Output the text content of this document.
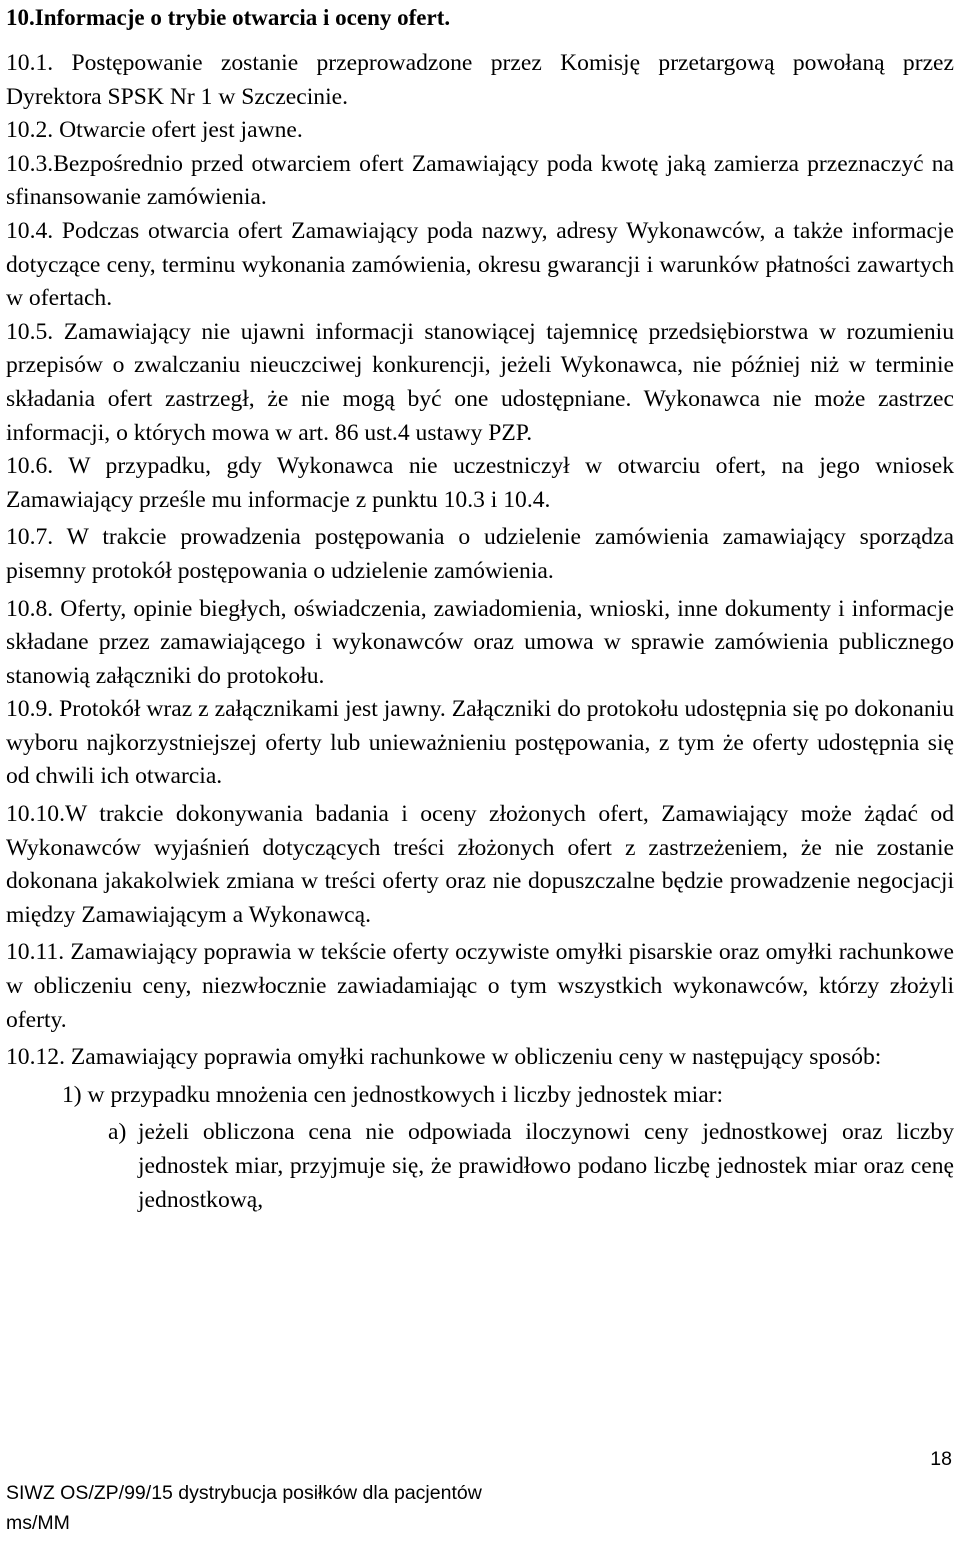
10.Informacje o trybie otwarcia i oceny ofert.

10.1. Postępowanie zostanie przeprowadzone przez Komisję przetargową powołaną przez Dyrektora SPSK Nr 1 w Szczecinie.

10.2. Otwarcie ofert jest jawne.

10.3.Bezpośrednio przed otwarciem ofert Zamawiający poda kwotę jaką zamierza przeznaczyć na sfinansowanie zamówienia.

10.4. Podczas otwarcia ofert Zamawiający poda nazwy, adresy Wykonawców, a także informacje dotyczące ceny, terminu wykonania zamówienia, okresu gwarancji i warunków płatności zawartych w ofertach.

10.5. Zamawiający nie ujawni informacji stanowiącej tajemnicę przedsiębiorstwa w rozumieniu przepisów o zwalczaniu nieuczciwej konkurencji, jeżeli Wykonawca, nie później niż w terminie składania ofert zastrzegł, że nie mogą być one udostępniane. Wykonawca nie może zastrzec informacji, o których mowa w art. 86 ust.4 ustawy PZP.

10.6. W przypadku, gdy Wykonawca nie uczestniczył w otwarciu ofert, na jego wniosek Zamawiający prześle mu informacje z punktu 10.3 i 10.4.

10.7. W trakcie prowadzenia postępowania o udzielenie zamówienia zamawiający sporządza pisemny protokół postępowania o udzielenie zamówienia.

10.8. Oferty, opinie biegłych, oświadczenia, zawiadomienia, wnioski, inne dokumenty i informacje składane przez zamawiającego i wykonawców oraz umowa w sprawie zamówienia publicznego stanowią załączniki do protokołu.

10.9. Protokół wraz z załącznikami jest jawny. Załączniki do protokołu udostępnia się po dokonaniu wyboru najkorzystniejszej oferty lub unieważnieniu postępowania, z tym że oferty udostępnia się od chwili ich otwarcia.

10.10.W trakcie dokonywania badania i oceny złożonych ofert, Zamawiający może żądać od Wykonawców wyjaśnień dotyczących treści złożonych ofert z zastrzeżeniem, że nie zostanie dokonana jakakolwiek zmiana w treści oferty oraz nie dopuszczalne będzie prowadzenie negocjacji między Zamawiającym a Wykonawcą.

10.11. Zamawiający poprawia w tekście oferty oczywiste omyłki pisarskie oraz omyłki rachunkowe w obliczeniu ceny, niezwłocznie zawiadamiając o tym wszystkich wykonawców, którzy złożyli oferty.

10.12. Zamawiający poprawia omyłki rachunkowe w obliczeniu ceny w następujący sposób:

1) w przypadku mnożenia cen jednostkowych i liczby jednostek miar:
a) jeżeli obliczona cena nie odpowiada iloczynowi ceny jednostkowej oraz liczby jednostek miar, przyjmuje się, że prawidłowo podano liczbę jednostek miar oraz cenę jednostkową,
18
SIWZ OS/ZP/99/15 dystrybucja posiłków dla pacjentów
ms/MM
